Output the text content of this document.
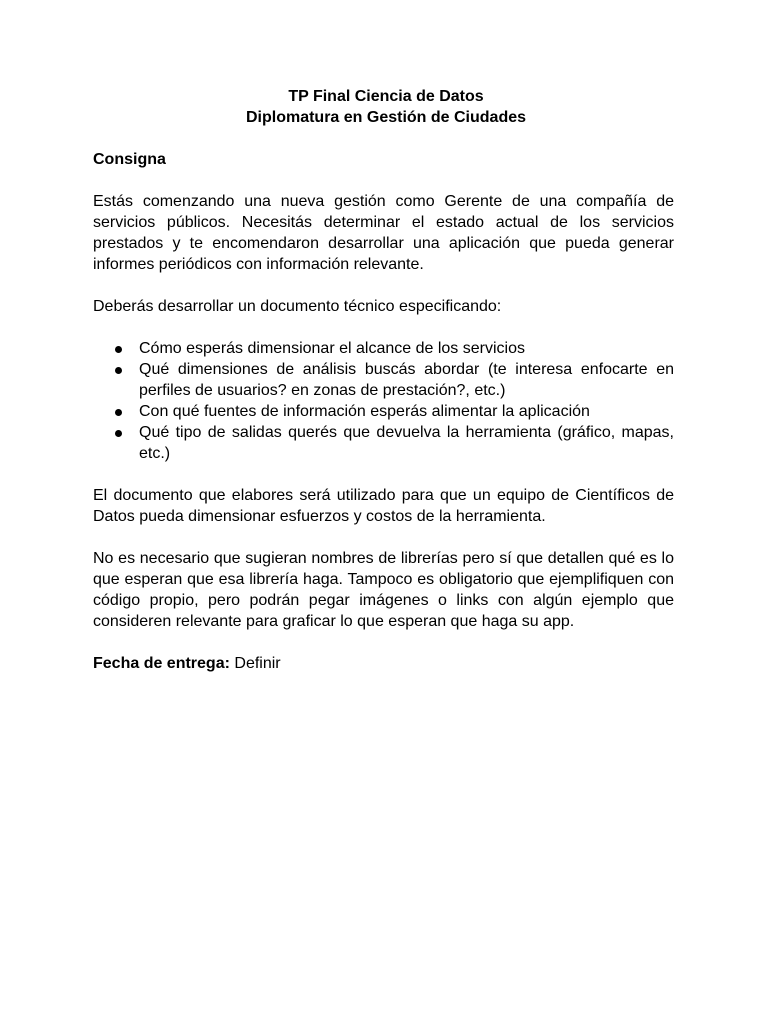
TP Final Ciencia de Datos
Diplomatura en Gestión de Ciudades
Consigna

Estás comenzando una nueva gestión como Gerente de una compañía de servicios públicos. Necesitás determinar el estado actual de los servicios prestados y te encomendaron desarrollar una aplicación que pueda generar informes periódicos con información relevante.

Deberás desarrollar un documento técnico especificando:

Cómo esperás dimensionar el alcance de los servicios
Qué dimensiones de análisis buscás abordar (te interesa enfocarte en perfiles de usuarios? en zonas de prestación?, etc.)
Con qué fuentes de información esperás alimentar la aplicación
Qué tipo de salidas querés que devuelva la herramienta (gráfico, mapas, etc.)

El documento que elabores será utilizado para que un equipo de Científicos de Datos pueda dimensionar esfuerzos y costos de la herramienta.

No es necesario que sugieran nombres de librerías pero sí que detallen qué es lo que esperan que esa librería haga. Tampoco es obligatorio que ejemplifiquen con código propio, pero podrán pegar imágenes o links con algún ejemplo que consideren relevante para graficar lo que esperan que haga su app.

Fecha de entrega: Definir
